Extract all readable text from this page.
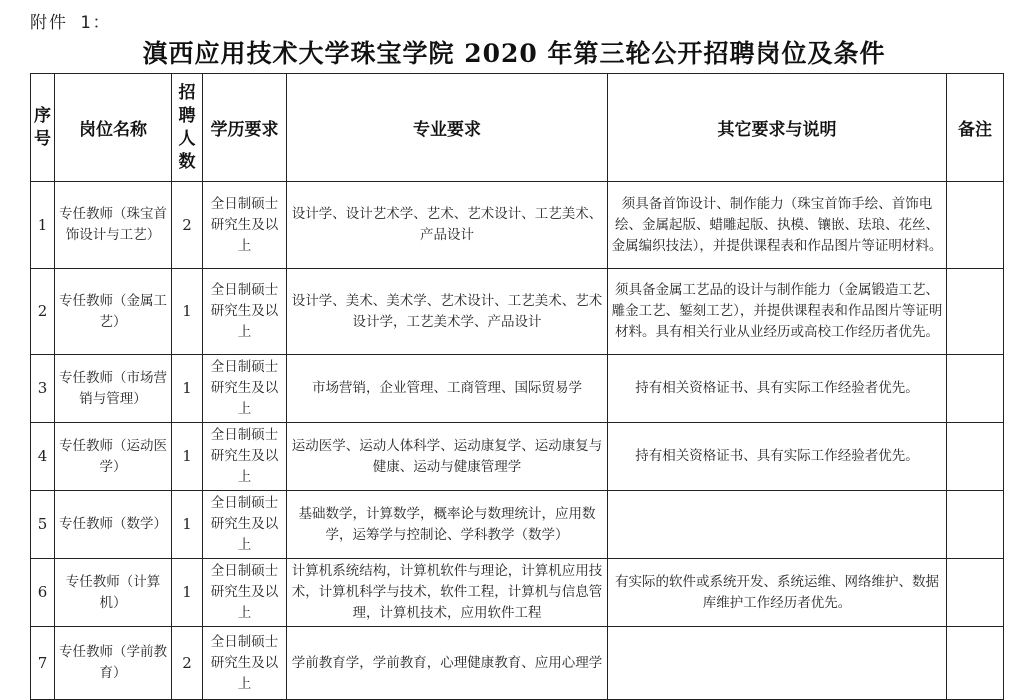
附件 1：
滇西应用技术大学珠宝学院 2020 年第三轮公开招聘岗位及条件
序号	岗位名称	招聘人数	学历要求	专业要求	其它要求与说明	备注
1	专任教师（珠宝首饰设计与工艺）	2	全日制硕士研究生及以上	设计学、设计艺术学、艺术、艺术设计、工艺美术、产品设计	须具备首饰设计、制作能力（珠宝首饰手绘、首饰电绘、金属起版、蜡雕起版、执模、镶嵌、珐琅、花丝、金属编织技法），并提供课程表和作品图片等证明材料。	
2	专任教师（金属工艺）	1	全日制硕士研究生及以上	设计学、美术、美术学、艺术设计、工艺美术、艺术设计学，工艺美术学、产品设计	须具备金属工艺品的设计与制作能力（金属锻造工艺、雕金工艺、錾刻工艺），并提供课程表和作品图片等证明材料。具有相关行业从业经历或高校工作经历者优先。	
3	专任教师（市场营销与管理）	1	全日制硕士研究生及以上	市场营销，企业管理、工商管理、国际贸易学	持有相关资格证书、具有实际工作经验者优先。	
4	专任教师（运动医学）	1	全日制硕士研究生及以上	运动医学、运动人体科学、运动康复学、运动康复与健康、运动与健康管理学	持有相关资格证书、具有实际工作经验者优先。	
5	专任教师（数学）	1	全日制硕士研究生及以上	基础数学，计算数学，概率论与数理统计，应用数学，运筹学与控制论、学科教学（数学）		
6	专任教师（计算机）	1	全日制硕士研究生及以上	计算机系统结构，计算机软件与理论，计算机应用技术，计算机科学与技术，软件工程，计算机与信息管理，计算机技术，应用软件工程	有实际的软件或系统开发、系统运维、网络维护、数据库维护工作经历者优先。	
7	专任教师（学前教育）	2	全日制硕士研究生及以上	学前教育学，学前教育，心理健康教育、应用心理学		
